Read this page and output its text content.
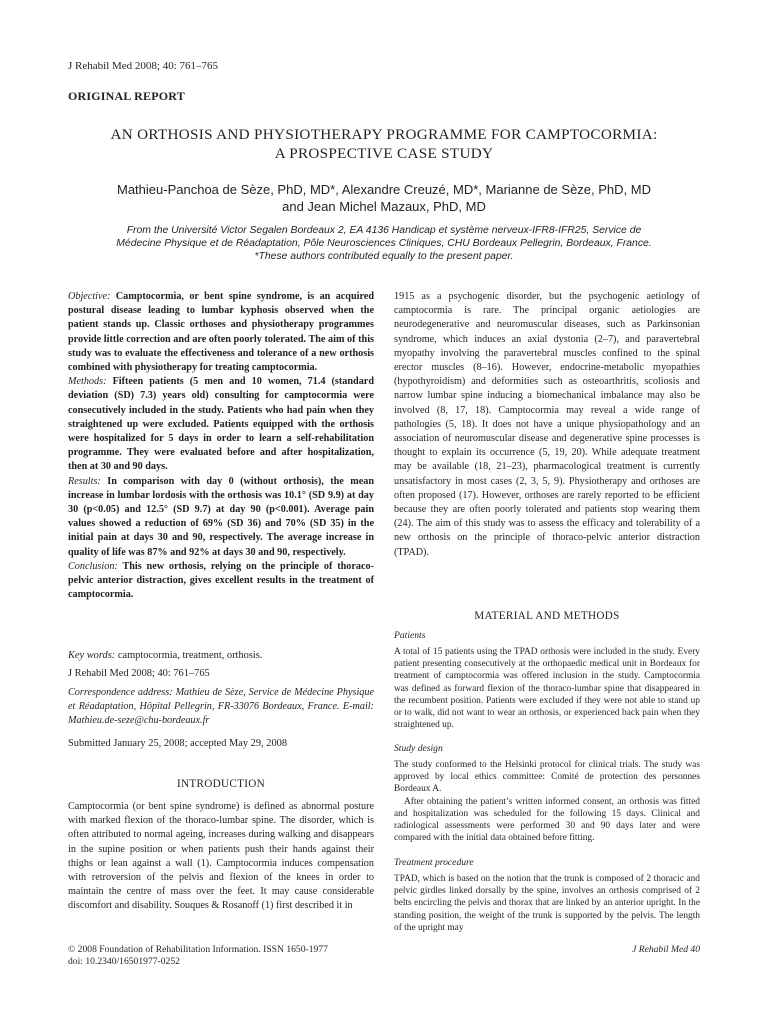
J Rehabil Med 2008; 40: 761–765
ORIGINAL REPORT
AN ORTHOSIS AND PHYSIOTHERAPY PROGRAMME FOR CAMPTOCORMIA:
A PROSPECTIVE CASE STUDY
Mathieu-Panchoa de Sèze, PhD, MD*, Alexandre Creuzé, MD*, Marianne de Sèze, PhD, MD
and Jean Michel Mazaux, PhD, MD
From the Université Victor Segalen Bordeaux 2, EA 4136 Handicap et système nerveux-IFR8-IFR25, Service de
Médecine Physique et de Réadaptation, Pôle Neurosciences Cliniques, CHU Bordeaux Pellegrin, Bordeaux, France.
*These authors contributed equally to the present paper.

Objective: Camptocormia, or bent spine syndrome, is an acquired postural disease leading to lumbar kyphosis observed when the patient stands up. Classic orthoses and physiotherapy programmes provide little correction and are often poorly tolerated. The aim of this study was to evaluate the effectiveness and tolerance of a new orthosis combined with physiotherapy for treating camptocormia.

Methods: Fifteen patients (5 men and 10 women, 71.4 (standard deviation (SD) 7.3) years old) consulting for camptocormia were consecutively included in the study. Patients who had pain when they straightened up were excluded. Patients equipped with the orthosis were hospitalized for 5 days in order to learn a self-rehabilitation programme. They were evaluated before and after hospitalization, then at 30 and 90 days.

Results: In comparison with day 0 (without orthosis), the mean increase in lumbar lordosis with the orthosis was 10.1° (SD 9.9) at day 30 (p<0.05) and 12.5° (SD 9.7) at day 90 (p<0.001). Average pain values showed a reduction of 69% (SD 36) and 70% (SD 35) in the initial pain at days 30 and 90, respectively. The average increase in quality of life was 87% and 92% at days 30 and 90, respectively.

Conclusion: This new orthosis, relying on the principle of thoraco-pelvic anterior distraction, gives excellent results in the treatment of camptocormia.

Key words: camptocormia, treatment, orthosis.
J Rehabil Med 2008; 40: 761–765
Correspondence address: Mathieu de Sèze, Service de Médecine Physique et Réadaptation, Hôpital Pellegrin, FR-33076 Bordeaux, France. E-mail: Mathieu.de-seze@chu-bordeaux.fr
Submitted January 25, 2008; accepted May 29, 2008
INTRODUCTION

Camptocormia (or bent spine syndrome) is defined as abnormal posture with marked flexion of the thoraco-lumbar spine. The disorder, which is often attributed to normal ageing, increases during walking and disappears in the supine position or when patients push their hands against their thighs or lean against a wall (1). Camptocormia induces compensation with retroversion of the pelvis and flexion of the knees in order to maintain the centre of mass over the feet. It may cause considerable discomfort and disability. Souques & Rosanoff (1) first described it in

1915 as a psychogenic disorder, but the psychogenic aetiology of camptocormia is rare. The principal organic aetiologies are neurodegenerative and neuromuscular diseases, such as Parkinsonian syndrome, which induces an axial dystonia (2–7), and paravertebral myopathy involving the paravertebral muscles confined to the spinal erector muscles (8–16). However, endocrine-metabolic myopathies (hypothyroidism) and deformities such as osteoarthritis, scoliosis and narrow lumbar spine inducing a biomechanical imbalance may also be involved (8, 17, 18). Camptocormia may reveal a wide range of pathologies (5, 18). It does not have a unique physiopathology and an association of neuromuscular disease and degenerative spine processes is thought to explain its occurrence (5, 19, 20). While adequate treatment may be available (18, 21–23), pharmacological treatment is currently unsatisfactory in most cases (2, 3, 5, 9). Physiotherapy and orthoses are often proposed (17). However, orthoses are rarely reported to be efficient because they are often poorly tolerated and patients stop wearing them (24). The aim of this study was to assess the efficacy and tolerability of a new orthosis on the principle of thoraco-pelvic anterior distraction (TPAD).

MATERIAL AND METHODS
Patients
A total of 15 patients using the TPAD orthosis were included in the study. Every patient presenting consecutively at the orthopaedic medical unit in Bordeaux for treatment of camptocormia was offered inclusion in the study. Camptocormia was defined as forward flexion of the thoraco-lumbar spine that disappeared in the recumbent position. Patients were excluded if they were not able to stand up or to walk, did not want to wear an orthosis, or experienced back pain when they straightened up.
Study design

The study conformed to the Helsinki protocol for clinical trials. The study was approved by local ethics committee: Comité de protection des personnes Bordeaux A.

After obtaining the patient’s written informed consent, an orthosis was fitted and hospitalization was scheduled for the following 15 days. Clinical and radiological assessments were performed 30 and 90 days later and were compared with the initial data obtained before fitting.

Treatment procedure
TPAD, which is based on the notion that the trunk is composed of 2 thoracic and pelvic girdles linked dorsally by the spine, involves an orthosis comprised of 2 belts encircling the pelvis and thorax that are linked by an anterior upright. In the standing position, the weight of the trunk is supported by the pelvis. The length of the upright may
© 2008 Foundation of Rehabilitation Information. ISSN 1650-1977
doi: 10.2340/16501977-0252
J Rehabil Med 40
